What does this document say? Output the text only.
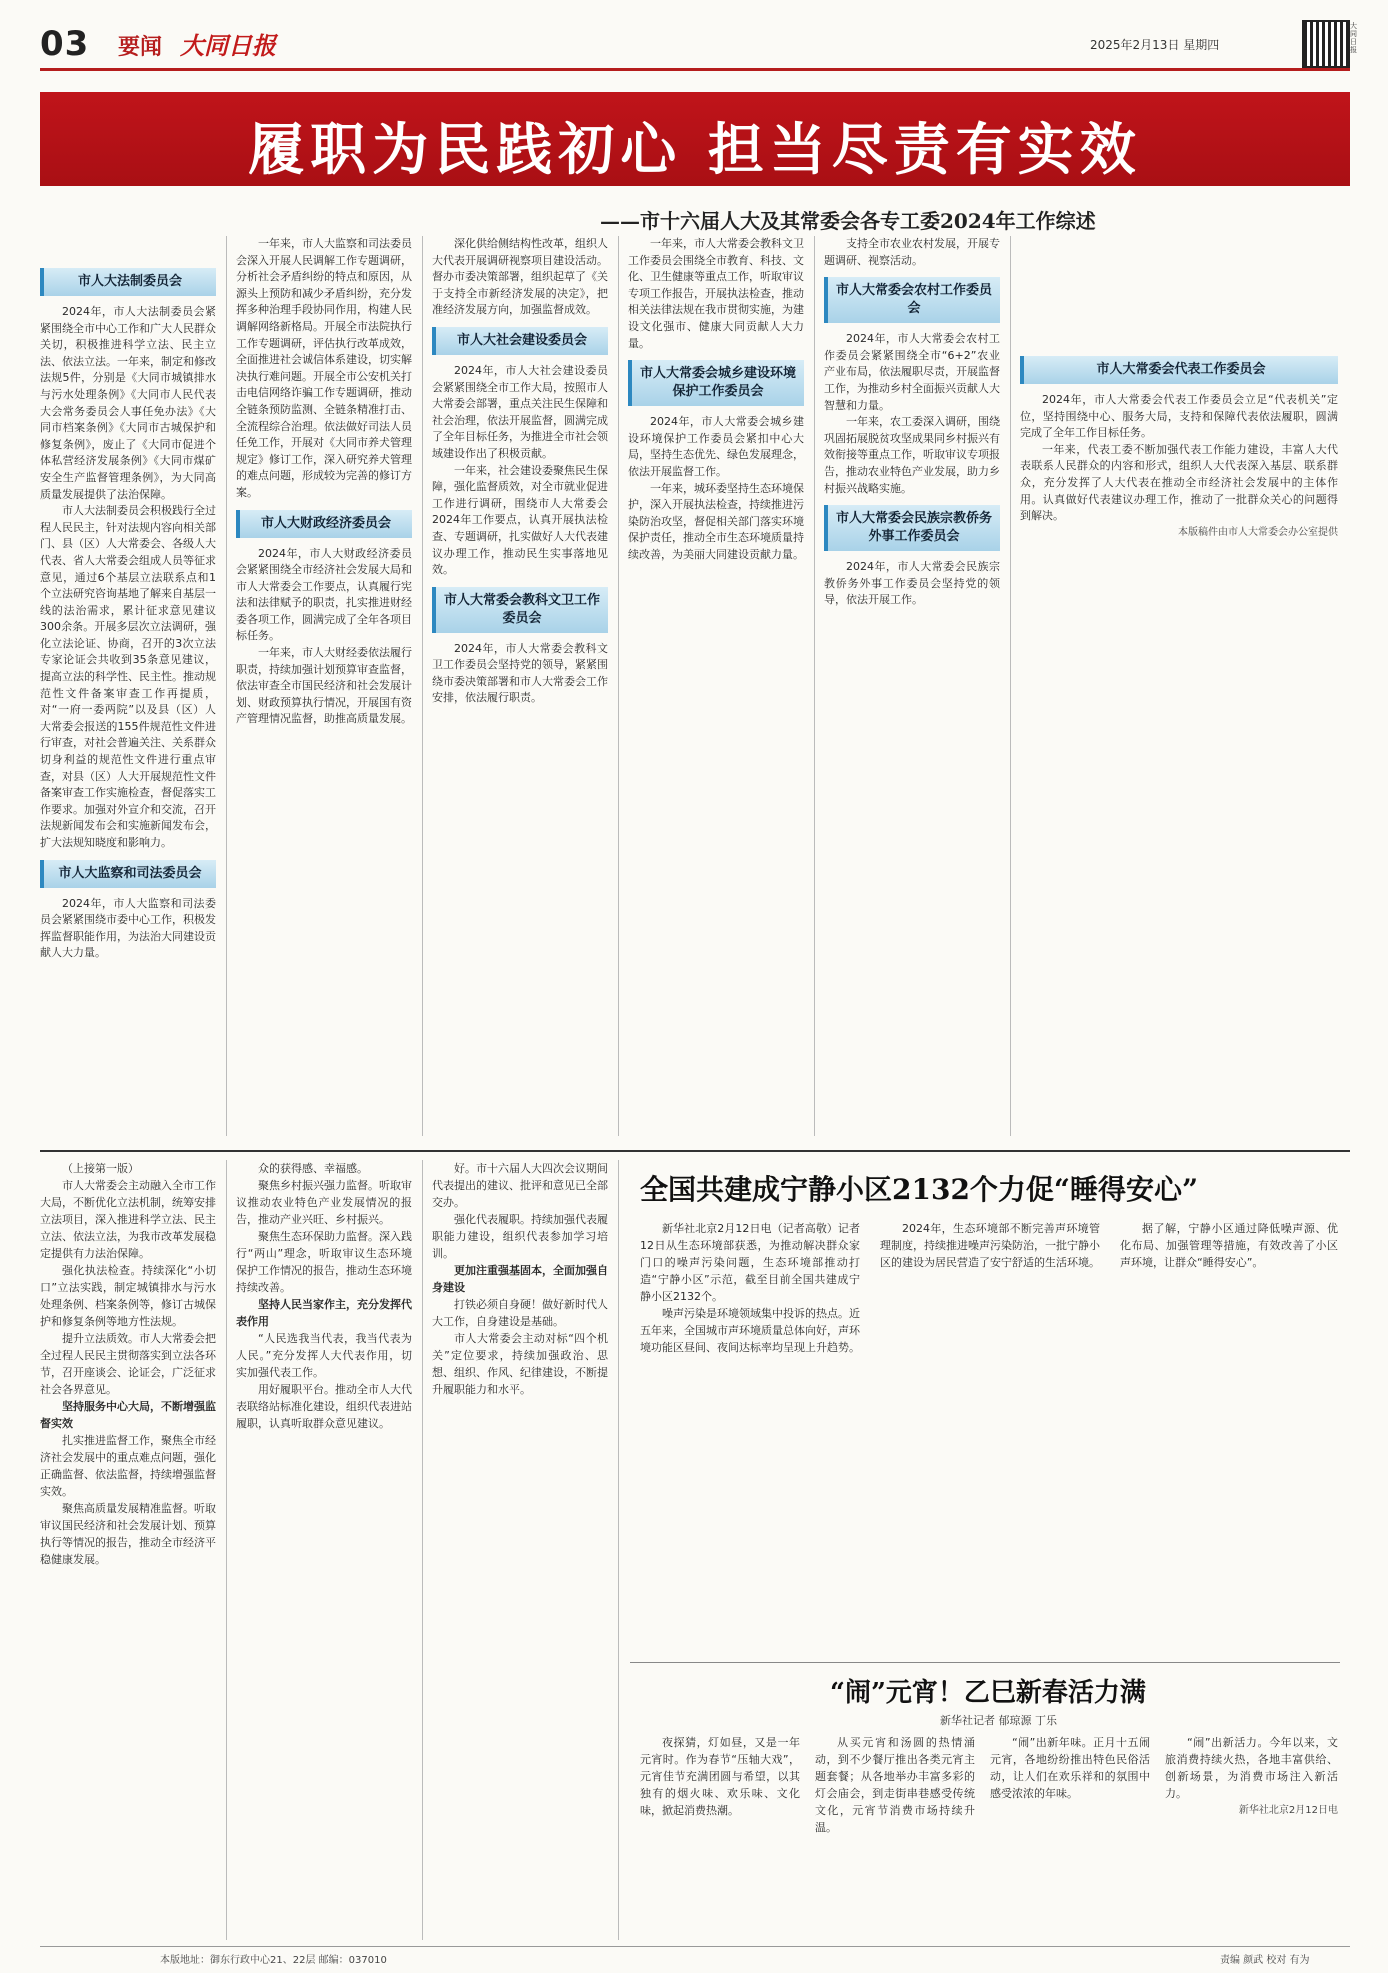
03 要闻 大同日报	2025年2月13日 星期四
大同日报
履职为民践初心 担当尽责有实效
——市十六届人大及其常委会各专工委2024年工作综述
市人大法制委员会

2024年，市人大法制委员会紧紧围绕全市中心工作和广大人民群众关切，积极推进科学立法、民主立法、依法立法。一年来，制定和修改法规5件，分别是《大同市城镇排水与污水处理条例》《大同市人民代表大会常务委员会人事任免办法》《大同市档案条例》《大同市古城保护和修复条例》，废止了《大同市促进个体私营经济发展条例》《大同市煤矿安全生产监督管理条例》，为大同高质量发展提供了法治保障。

市人大法制委员会积极践行全过程人民民主，针对法规内容向相关部门、县（区）人大常委会、各级人大代表、省人大常委会组成人员等征求意见，通过6个基层立法联系点和1个立法研究咨询基地了解来自基层一线的法治需求，累计征求意见建议300余条。开展多层次立法调研，强化立法论证、协商，召开的3次立法专家论证会共收到35条意见建议，提高立法的科学性、民主性。推动规范性文件备案审查工作再提质，对“一府一委两院”以及县（区）人大常委会报送的155件规范性文件进行审查，对社会普遍关注、关系群众切身利益的规范性文件进行重点审查，对县（区）人大开展规范性文件备案审查工作实施检查，督促落实工作要求。加强对外宣介和交流，召开法规新闻发布会和实施新闻发布会，扩大法规知晓度和影响力。

市人大监察和司法委员会

2024年，市人大监察和司法委员会紧紧围绕市委中心工作，积极发挥监督职能作用，为法治大同建设贡献人大力量。

一年来，市人大监察和司法委员会深入开展人民调解工作专题调研，分析社会矛盾纠纷的特点和原因，从源头上预防和减少矛盾纠纷，充分发挥多种治理手段协同作用，构建人民调解网络新格局。开展全市法院执行工作专题调研，评估执行改革成效，全面推进社会诚信体系建设，切实解决执行难问题。开展全市公安机关打击电信网络诈骗工作专题调研，推动全链条预防监测、全链条精准打击、全流程综合治理。依法做好司法人员任免工作，开展对《大同市养犬管理规定》修订工作，深入研究养犬管理的难点问题，形成较为完善的修订方案。

市人大财政经济委员会

2024年，市人大财政经济委员会紧紧围绕全市经济社会发展大局和市人大常委会工作要点，认真履行宪法和法律赋予的职责，扎实推进财经委各项工作，圆满完成了全年各项目标任务。

一年来，市人大财经委依法履行职责，持续加强计划预算审查监督，依法审查全市国民经济和社会发展计划、财政预算执行情况，开展国有资产管理情况监督，助推高质量发展。

深化供给侧结构性改革，组织人大代表开展调研视察项目建设活动。督办市委决策部署，组织起草了《关于支持全市新经济发展的决定》，把准经济发展方向，加强监督成效。

市人大社会建设委员会

2024年，市人大社会建设委员会紧紧围绕全市工作大局，按照市人大常委会部署，重点关注民生保障和社会治理，依法开展监督，圆满完成了全年目标任务，为推进全市社会领域建设作出了积极贡献。

一年来，社会建设委聚焦民生保障，强化监督质效，对全市就业促进工作进行调研，围绕市人大常委会2024年工作要点，认真开展执法检查、专题调研，扎实做好人大代表建议办理工作，推动民生实事落地见效。

市人大常委会教科文卫工作委员会

2024年，市人大常委会教科文卫工作委员会坚持党的领导，紧紧围绕市委决策部署和市人大常委会工作安排，依法履行职责。

一年来，市人大常委会教科文卫工作委员会围绕全市教育、科技、文化、卫生健康等重点工作，听取审议专项工作报告，开展执法检查，推动相关法律法规在我市贯彻实施，为建设文化强市、健康大同贡献人大力量。

市人大常委会城乡建设环境保护工作委员会

2024年，市人大常委会城乡建设环境保护工作委员会紧扣中心大局，坚持生态优先、绿色发展理念，依法开展监督工作。

一年来，城环委坚持生态环境保护，深入开展执法检查，持续推进污染防治攻坚，督促相关部门落实环境保护责任，推动全市生态环境质量持续改善，为美丽大同建设贡献力量。

支持全市农业农村发展，开展专题调研、视察活动。

市人大常委会农村工作委员会

2024年，市人大常委会农村工作委员会紧紧围绕全市“6+2”农业产业布局，依法履职尽责，开展监督工作，为推动乡村全面振兴贡献人大智慧和力量。

一年来，农工委深入调研，围绕巩固拓展脱贫攻坚成果同乡村振兴有效衔接等重点工作，听取审议专项报告，推动农业特色产业发展，助力乡村振兴战略实施。

市人大常委会民族宗教侨务外事工作委员会

2024年，市人大常委会民族宗教侨务外事工作委员会坚持党的领导，依法开展工作。

市人大常委会代表工作委员会

2024年，市人大常委会代表工作委员会立足“代表机关”定位，坚持围绕中心、服务大局，支持和保障代表依法履职，圆满完成了全年工作目标任务。

一年来，代表工委不断加强代表工作能力建设，丰富人大代表联系人民群众的内容和形式，组织人大代表深入基层、联系群众，充分发挥了人大代表在推动全市经济社会发展中的主体作用。认真做好代表建议办理工作，推动了一批群众关心的问题得到解决。

本版稿件由市人大常委会办公室提供

（上接第一版）

市人大常委会主动融入全市工作大局，不断优化立法机制，统筹安排立法项目，深入推进科学立法、民主立法、依法立法，为我市改革发展稳定提供有力法治保障。

强化执法检查。持续深化“小切口”立法实践，制定城镇排水与污水处理条例、档案条例等，修订古城保护和修复条例等地方性法规。

提升立法质效。市人大常委会把全过程人民民主贯彻落实到立法各环节，召开座谈会、论证会，广泛征求社会各界意见。

坚持服务中心大局，不断增强监督实效

扎实推进监督工作，聚焦全市经济社会发展中的重点难点问题，强化正确监督、依法监督，持续增强监督实效。

聚焦高质量发展精准监督。听取审议国民经济和社会发展计划、预算执行等情况的报告，推动全市经济平稳健康发展。

众的获得感、幸福感。

聚焦乡村振兴强力监督。听取审议推动农业特色产业发展情况的报告，推动产业兴旺、乡村振兴。

聚焦生态环保助力监督。深入践行“两山”理念，听取审议生态环境保护工作情况的报告，推动生态环境持续改善。

坚持人民当家作主，充分发挥代表作用

“人民选我当代表，我当代表为人民。”充分发挥人大代表作用，切实加强代表工作。

用好履职平台。推动全市人大代表联络站标准化建设，组织代表进站履职，认真听取群众意见建议。

好。市十六届人大四次会议期间代表提出的建议、批评和意见已全部交办。

强化代表履职。持续加强代表履职能力建设，组织代表参加学习培训。

更加注重强基固本，全面加强自身建设

打铁必须自身硬！做好新时代人大工作，自身建设是基础。

市人大常委会主动对标“四个机关”定位要求，持续加强政治、思想、组织、作风、纪律建设，不断提升履职能力和水平。

全国共建成宁静小区2132个力促“睡得安心”

新华社北京2月12日电（记者高敬）记者12日从生态环境部获悉，为推动解决群众家门口的噪声污染问题，生态环境部推动打造“宁静小区”示范，截至目前全国共建成宁静小区2132个。

噪声污染是环境领域集中投诉的热点。近五年来，全国城市声环境质量总体向好，声环境功能区昼间、夜间达标率均呈现上升趋势。

2024年，生态环境部不断完善声环境管理制度，持续推进噪声污染防治，一批宁静小区的建设为居民营造了安宁舒适的生活环境。

据了解，宁静小区通过降低噪声源、优化布局、加强管理等措施，有效改善了小区声环境，让群众“睡得安心”。

“闹”元宵！乙巳新春活力满
新华社记者 郁琼源 丁乐

夜探猜，灯如昼，又是一年元宵时。作为春节“压轴大戏”，元宵佳节充满团圆与希望，以其独有的烟火味、欢乐味、文化味，掀起消费热潮。

从买元宵和汤圆的热情涌动，到不少餐厅推出各类元宵主题套餐；从各地举办丰富多彩的灯会庙会，到走街串巷感受传统文化，元宵节消费市场持续升温。

“闹”出新年味。正月十五闹元宵，各地纷纷推出特色民俗活动，让人们在欢乐祥和的氛围中感受浓浓的年味。

“闹”出新活力。今年以来，文旅消费持续火热，各地丰富供给、创新场景，为消费市场注入新活力。

新华社北京2月12日电

本版地址：御东行政中心21、22层 邮编：037010	责编 颜武 校对 有为
